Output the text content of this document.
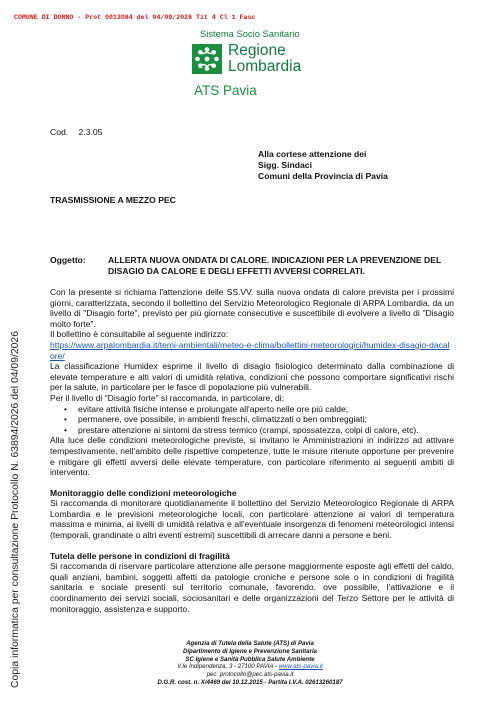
COMUNE DI DORNO - Prot 0013084 del 04/09/2026 Tit 4 Cl 1 Fasc
Sistema Socio Sanitario
Regione
Lombardia
ATS Pavia
Copia informatica per consultazione Protocollo N. 63894/2026 del 04/09/2026
Cod. 2.3.05
Alla cortese attenzione dei
Sigg. Sindaci
Comuni della Provincia di Pavia
TRASMISSIONE A MEZZO PEC
Oggetto:	ALLERTA NUOVA ONDATA DI CALORE. INDICAZIONI PER LA PREVENZIONE DEL DISAGIO DA CALORE E DEGLI EFFETTI AVVERSI CORRELATI.

Con la presente si richiama l'attenzione delle SS.VV. sulla nuova ondata di calore prevista per i prossimi giorni, caratterizzata, secondo il bollettino del Servizio Meteorologico Regionale di ARPA Lombardia, da un livello di "Disagio forte", previsto per più giornate consecutive e suscettibile di evolvere a livello di "Disagio molto forte".

Il bollettino è consultabile al seguente indirizzo:

https://www.arpalombardia.it/temi-ambientali/meteo-e-clima/bollettini-meteorologici/humidex-disagio-dacalore/

La classificazione Humidex esprime il livello di disagio fisiologico determinato dalla combinazione di elevate temperature e alti valori di umidità relativa, condizioni che possono comportare significativi rischi per la salute, in particolare per le fasce di popolazione più vulnerabili.

Per il livello di "Disagio forte" si raccomanda, in particolare, di:

• evitare attività fisiche intense e prolungate all'aperto nelle ore più calde;
• permanere, ove possibile, in ambienti freschi, climatizzati o ben ombreggiati;
• prestare attenzione ai sintomi da stress termico (crampi, spossatezza, colpi di calore, etc).

Alla luce delle condizioni meteorologiche previste, si invitano le Amministrazioni in indirizzo ad attivare tempestivamente, nell'ambito delle rispettive competenze, tutte le misure ritenute opportune per prevenire e mitigare gli effetti avversi delle elevate temperature, con particolare riferimento ai seguenti ambiti di intervento.

Monitoraggio delle condizioni meteorologiche

Si raccomanda di monitorare quotidianamente il bollettino del Servizio Meteorologico Regionale di ARPA Lombardia e le previsioni meteorologiche locali, con particolare attenzione ai valori di temperatura massima e minima, ai livelli di umidità relativa e all'eventuale insorgenza di fenomeni meteorologici intensi (temporali, grandinate o altri eventi estremi) suscettibili di arrecare danni a persone e beni.

Tutela delle persone in condizioni di fragilità

Si raccomanda di riservare particolare attenzione alle persone maggiormente esposte agli effetti del caldo, quali anziani, bambini, soggetti affetti da patologie croniche e persone sole o in condizioni di fragilità sanitaria e sociale presenti sul territorio comunale, favorendo, ove possibile, l'attivazione e il coordinamento dei servizi sociali, sociosanitari e delle organizzazioni del Terzo Settore per le attività di monitoraggio, assistenza e supporto.

Agenzia di Tutela della Salute (ATS) di Pavia
Dipartimento di Igiene e Prevenzione Sanitaria
SC Igiene e Sanità Pubblica Salute Ambiente
V.le Indipendenza, 3 - 27100 PAVIA - www.ats-pavia.it
pec: protocollo@pec.ats-pavia.it
D.G.R. cost. n. X/4469 del 10.12.2015 - Partita I.V.A. 02613260187
